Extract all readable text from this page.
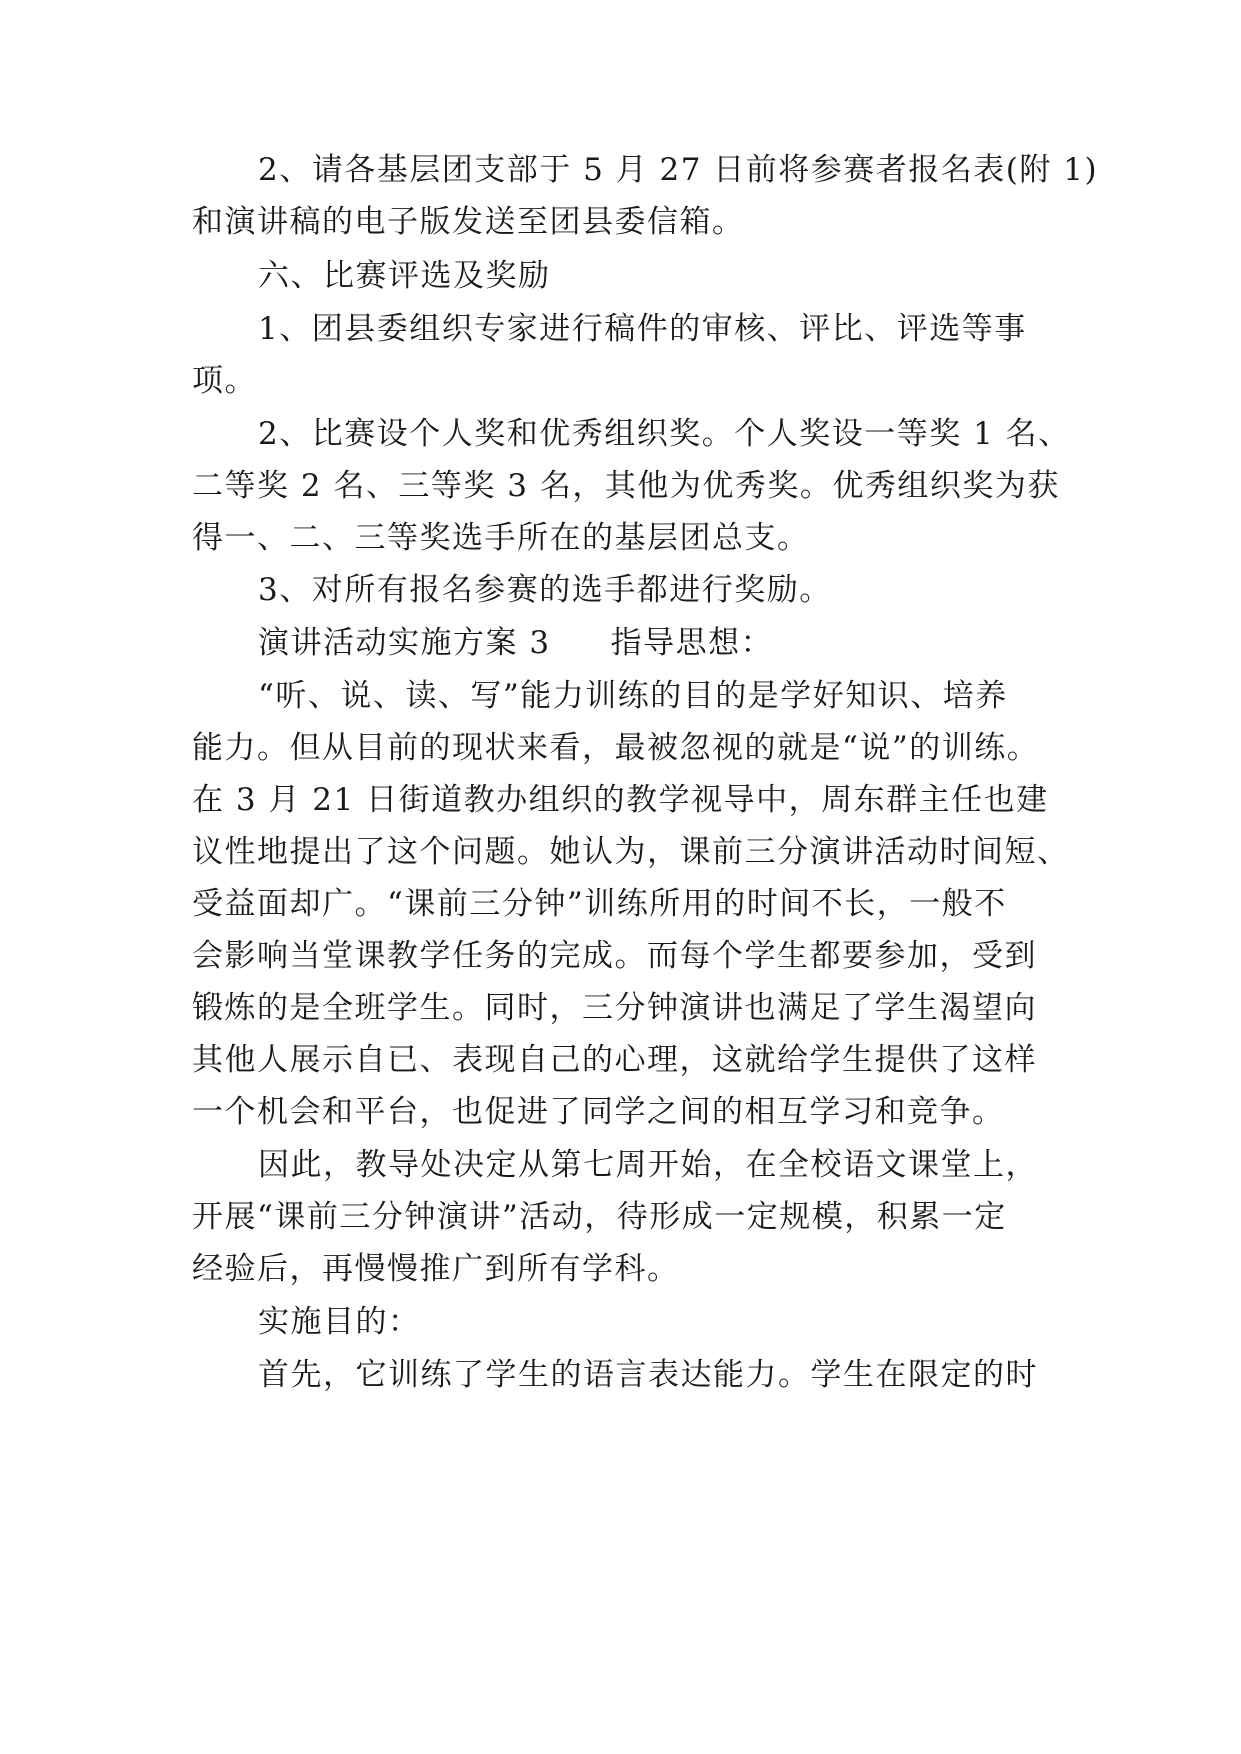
2、请各基层团支部于 5 月 27 日前将参赛者报名表(附 1)
和演讲稿的电子版发送至团县委信箱。
六、比赛评选及奖励
1、团县委组织专家进行稿件的审核、评比、评选等事
项。
2、比赛设个人奖和优秀组织奖。个人奖设一等奖 1 名、
二等奖 2 名、三等奖 3 名，其他为优秀奖。优秀组织奖为获
得一、二、三等奖选手所在的基层团总支。
3、对所有报名参赛的选手都进行奖励。
演讲活动实施方案 3 指导思想：
“听、说、读、写”能力训练的目的是学好知识、培养
能力。但从目前的现状来看，最被忽视的就是“说”的训练。
在 3 月 21 日街道教办组织的教学视导中，周东群主任也建
议性地提出了这个问题。她认为，课前三分演讲活动时间短、
受益面却广。“课前三分钟”训练所用的时间不长，一般不
会影响当堂课教学任务的完成。而每个学生都要参加，受到
锻炼的是全班学生。同时，三分钟演讲也满足了学生渴望向
其他人展示自已、表现自己的心理，这就给学生提供了这样
一个机会和平台，也促进了同学之间的相互学习和竞争。
因此，教导处决定从第七周开始，在全校语文课堂上，
开展“课前三分钟演讲”活动，待形成一定规模，积累一定
经验后，再慢慢推广到所有学科。
实施目的：
首先，它训练了学生的语言表达能力。学生在限定的时
